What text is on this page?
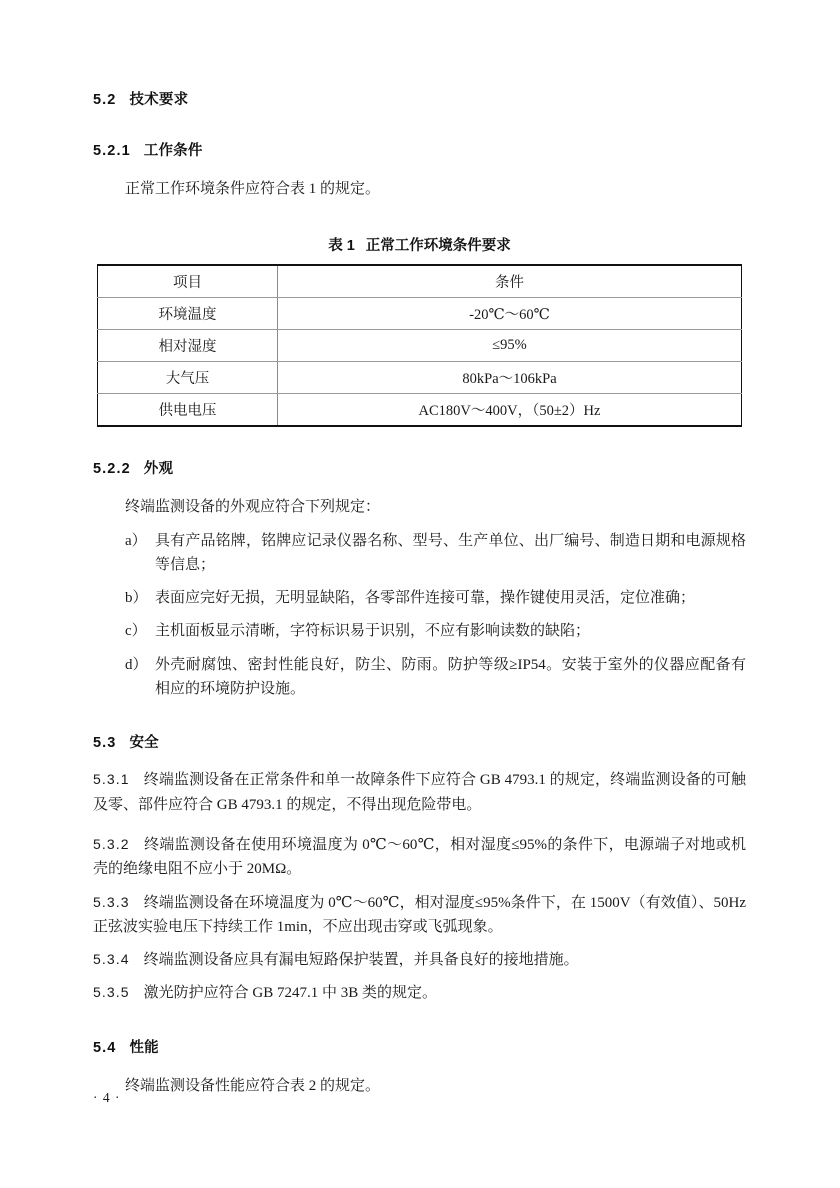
5.2 技术要求
5.2.1 工作条件

正常工作环境条件应符合表 1 的规定。

表 1 正常工作环境条件要求
项目	条件
环境温度	-20℃～60℃
相对湿度	≤95%
大气压	80kPa～106kPa
供电电压	AC180V～400V，（50±2）Hz
5.2.2 外观

终端监测设备的外观应符合下列规定：

a） 具有产品铭牌，铭牌应记录仪器名称、型号、生产单位、出厂编号、制造日期和电源规格等信息；
b） 表面应完好无损，无明显缺陷，各零部件连接可靠，操作键使用灵活，定位准确；
c） 主机面板显示清晰，字符标识易于识别，不应有影响读数的缺陷；
d） 外壳耐腐蚀、密封性能良好，防尘、防雨。防护等级≥IP54。安装于室外的仪器应配备有相应的环境防护设施。
5.3 安全

5.3.1 终端监测设备在正常条件和单一故障条件下应符合 GB 4793.1 的规定，终端监测设备的可触及零、部件应符合 GB 4793.1 的规定，不得出现危险带电。

5.3.2 终端监测设备在使用环境温度为 0℃～60℃，相对湿度≤95%的条件下，电源端子对地或机壳的绝缘电阻不应小于 20MΩ。

5.3.3 终端监测设备在环境温度为 0℃～60℃，相对湿度≤95%条件下，在 1500V（有效值）、50Hz 正弦波实验电压下持续工作 1min，不应出现击穿或飞弧现象。

5.3.4 终端监测设备应具有漏电短路保护装置，并具备良好的接地措施。

5.3.5 激光防护应符合 GB 7247.1 中 3B 类的规定。

5.4 性能

终端监测设备性能应符合表 2 的规定。

· 4 ·
